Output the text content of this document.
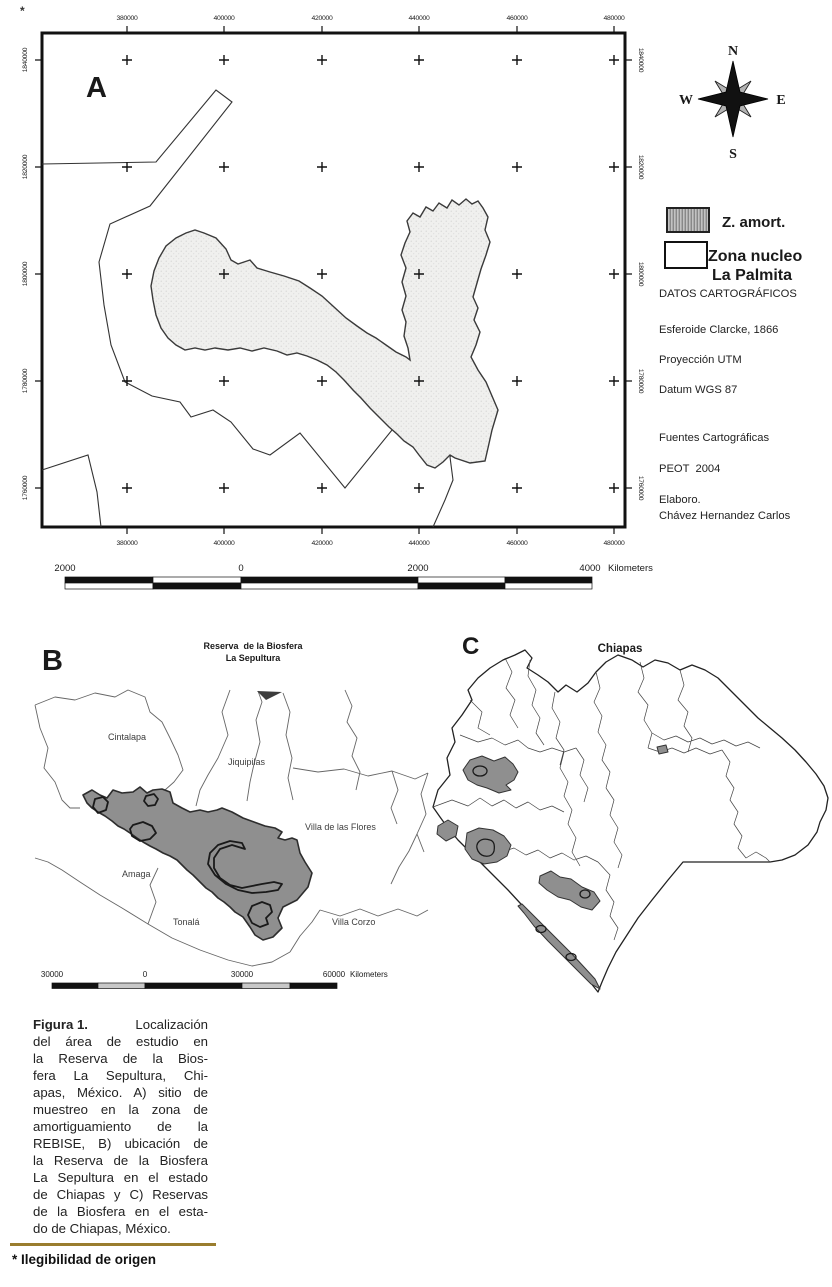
*
380000	400000	420000	440000	460000	480000
380000	400000	420000	440000	460000	480000
1840000
1820000
1800000
1780000
1760000
1840000
1820000
1800000
1780000
1760000
A
2000	0	2000	4000 Kilometers
N
S
W	E
Z. amort.
Zona nucleo
La Palmita
DATOS CARTOGRÁFICOS
Esferoide Clarcke, 1866
Proyección UTM
Datum WGS 87
Fuentes Cartográficas
PEOT  2004
Elaboro.
Chávez Hernandez Carlos
B	Reserva  de la Biosfera
La Sepultura
Cintalapa
Jiquipilas
Villa de las Flores
Amaga
Tonalá	Villa Corzo
30000	0	30000	60000 Kilometers
C	Chiapas
Figura 1.	Localización
del área de estudio en
la Reserva de la Bios-
fera La Sepultura, Chi-
apas, México. A) sitio de
muestreo en la zona de
amortiguamiento de la
REBISE, B) ubicación de
la Reserva de la Biosfera
La Sepultura en el estado
de Chiapas y C) Reservas
de la Biosfera en el esta-
do de Chiapas, México.
* Ilegibilidad de origen
